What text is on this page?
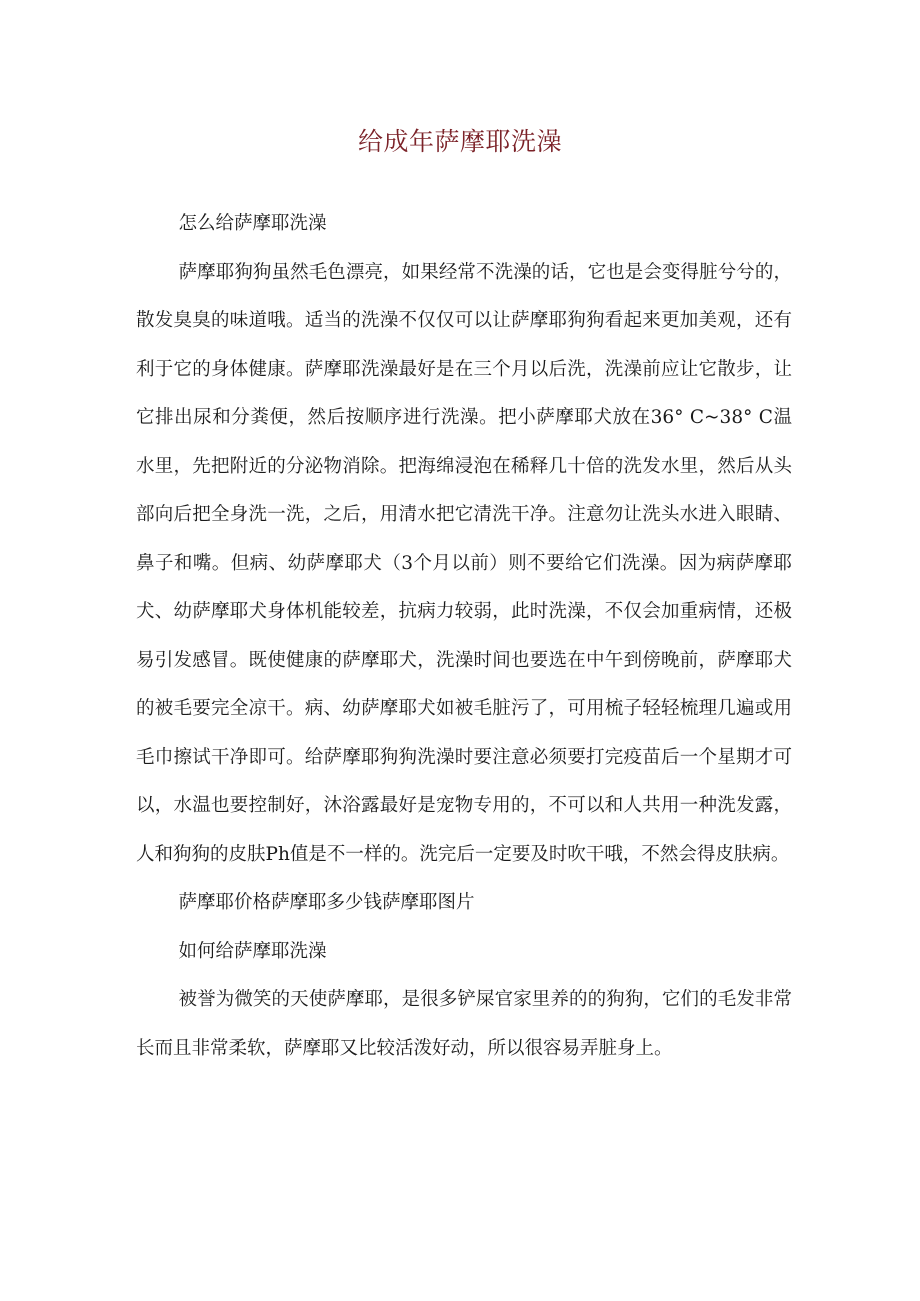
给成年萨摩耶洗澡

怎么给萨摩耶洗澡

萨摩耶狗狗虽然毛色漂亮，如果经常不洗澡的话，它也是会变得脏兮兮的，散发臭臭的味道哦。适当的洗澡不仅仅可以让萨摩耶狗狗看起来更加美观，还有利于它的身体健康。萨摩耶洗澡最好是在三个月以后洗，洗澡前应让它散步，让它排出尿和分粪便，然后按顺序进行洗澡。把小萨摩耶犬放在36° C~38° C温水里，先把附近的分泌物消除。把海绵浸泡在稀释几十倍的洗发水里，然后从头部向后把全身洗一洗，之后，用清水把它清洗干净。注意勿让洗头水进入眼睛、鼻子和嘴。但病、幼萨摩耶犬（3个月以前）则不要给它们洗澡。因为病萨摩耶犬、幼萨摩耶犬身体机能较差，抗病力较弱，此时洗澡，不仅会加重病情，还极易引发感冒。既使健康的萨摩耶犬，洗澡时间也要选在中午到傍晚前，萨摩耶犬的被毛要完全凉干。病、幼萨摩耶犬如被毛脏污了，可用梳子轻轻梳理几遍或用毛巾擦试干净即可。给萨摩耶狗狗洗澡时要注意必须要打完疫苗后一个星期才可以，水温也要控制好，沐浴露最好是宠物专用的，不可以和人共用一种洗发露，人和狗狗的皮肤Ph值是不一样的。洗完后一定要及时吹干哦，不然会得皮肤病。

萨摩耶价格萨摩耶多少钱萨摩耶图片

如何给萨摩耶洗澡

被誉为微笑的天使萨摩耶，是很多铲屎官家里养的的狗狗，它们的毛发非常长而且非常柔软，萨摩耶又比较活泼好动，所以很容易弄脏身上。
